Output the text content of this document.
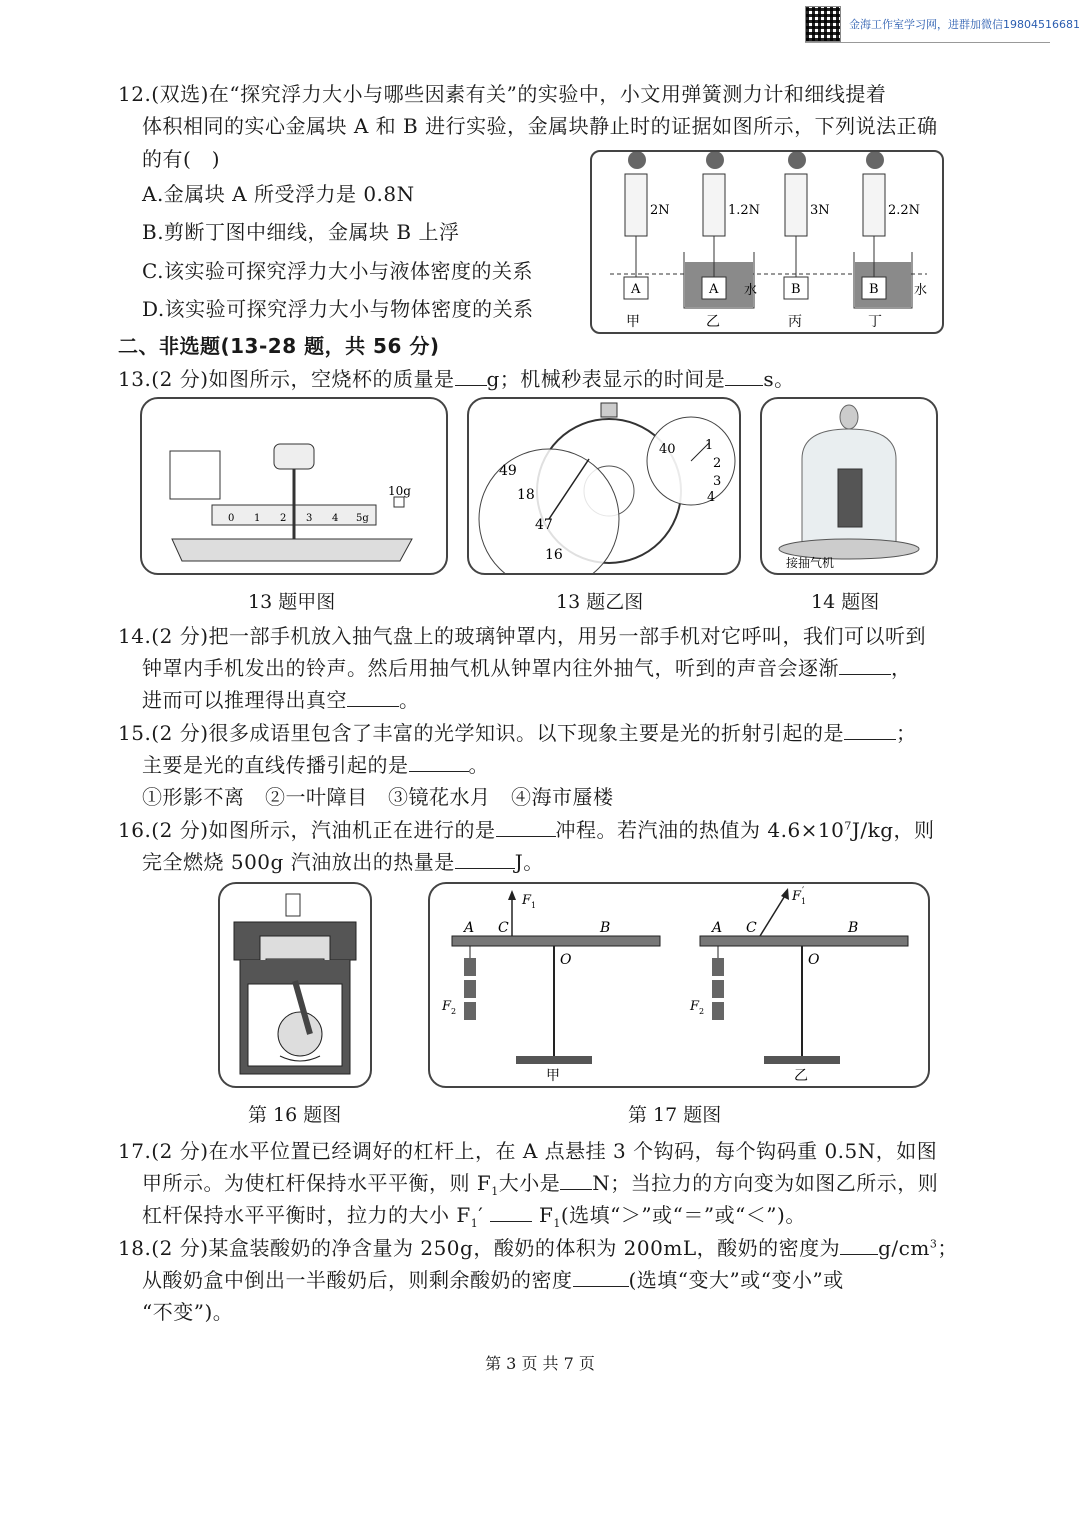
金海工作室学习网，进群加微信19804516681
12.(双选)在“探究浮力大小与哪些因素有关”的实验中，小文用弹簧测力计和细线提着
体积相同的实心金属块 A 和 B 进行实验，金属块静止时的证据如图所示，下列说法正确
的有(　)
A.金属块 A 所受浮力是 0.8N
B.剪断丁图中细线，金属块 B 上浮
C.该实验可探究浮力大小与液体密度的关系
D.该实验可探究浮力大小与物体密度的关系
2N	1.2N	3N	2.2N
A	A	B	B
水	水
甲	乙	丙	丁
二、非选题(13-28 题，共 56 分)
13.(2 分)如图所示，空烧杯的质量是 g；机械秒表显示的时间是 s。
10g
0 1 2 3 4 5g
49
18
47
16
40 1
2
3
4
接抽气机
13 题甲图	13 题乙图	14 题图
14.(2 分)把一部手机放入抽气盘上的玻璃钟罩内，用另一部手机对它呼叫，我们可以听到
钟罩内手机发出的铃声。然后用抽气机从钟罩内往外抽气，听到的声音会逐渐	，
进而可以推理得出真空	。
15.(2 分)很多成语里包含了丰富的光学知识。以下现象主要是光的折射引起的是	；
主要是光的直线传播引起的是	。
①形影不离　②一叶障目　③镜花水月　④海市蜃楼
16.(2 分)如图所示，汽油机正在进行的是	冲程。若汽油的热值为 $4.6\times 10^7J/kg$，则
完全燃烧 500g 汽油放出的热量是	J。
A C	B
O
A C	B
O
F 1
F 1
′
F 2	F 2
甲	乙
第 16 题图	第 17 题图
17.(2 分)在水平位置已经调好的杠杆上，在 A 点悬挂 3 个钩码，每个钩码重 0.5N，如图
甲所示。为使杠杆保持水平平衡，则 $F_1$大小是 N；当拉力的方向变为如图乙所示，则
杠杆保持水平平衡时，拉力的大小 $F_1'$  $F_1$(选填“＞”或“＝”或“＜”)。
18.(2 分)某盒装酸奶的净含量为 250g，酸奶的体积为 200mL，酸奶的密度为 $g/cm^3$；
从酸奶盒中倒出一半酸奶后，则剩余酸奶的密度	(选填“变大”或“变小”或
“不变”)。
第 3 页 共 7 页
